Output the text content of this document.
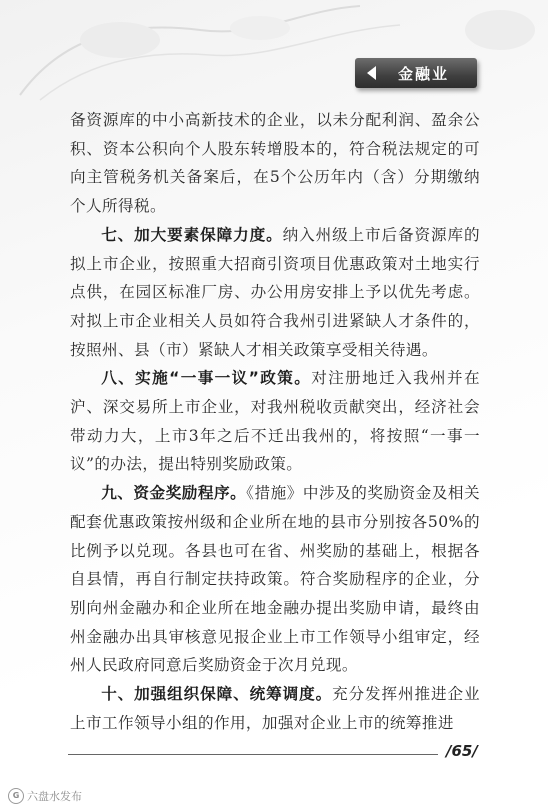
金融业

备资源库的中小高新技术的企业，以未分配利润、盈余公积、资本公积向个人股东转增股本的，符合税法规定的可向主管税务机关备案后，在5个公历年内（含）分期缴纳个人所得税。

七、加大要素保障力度。纳入州级上市后备资源库的拟上市企业，按照重大招商引资项目优惠政策对土地实行点供，在园区标准厂房、办公用房安排上予以优先考虑。对拟上市企业相关人员如符合我州引进紧缺人才条件的，按照州、县（市）紧缺人才相关政策享受相关待遇。

八、实施“一事一议”政策。对注册地迁入我州并在沪、深交易所上市企业，对我州税收贡献突出，经济社会带动力大，上市3年之后不迁出我州的，将按照“一事一议”的办法，提出特别奖励政策。

九、资金奖励程序。《措施》中涉及的奖励资金及相关配套优惠政策按州级和企业所在地的县市分别按各50%的比例予以兑现。各县也可在省、州奖励的基础上，根据各自县情，再自行制定扶持政策。符合奖励程序的企业，分别向州金融办和企业所在地金融办提出奖励申请，最终由州金融办出具审核意见报企业上市工作领导小组审定，经州人民政府同意后奖励资金于次月兑现。

十、加强组织保障、统筹调度。充分发挥州推进企业上市工作领导小组的作用，加强对企业上市的统筹推进

/65/
G 六盘水发布
